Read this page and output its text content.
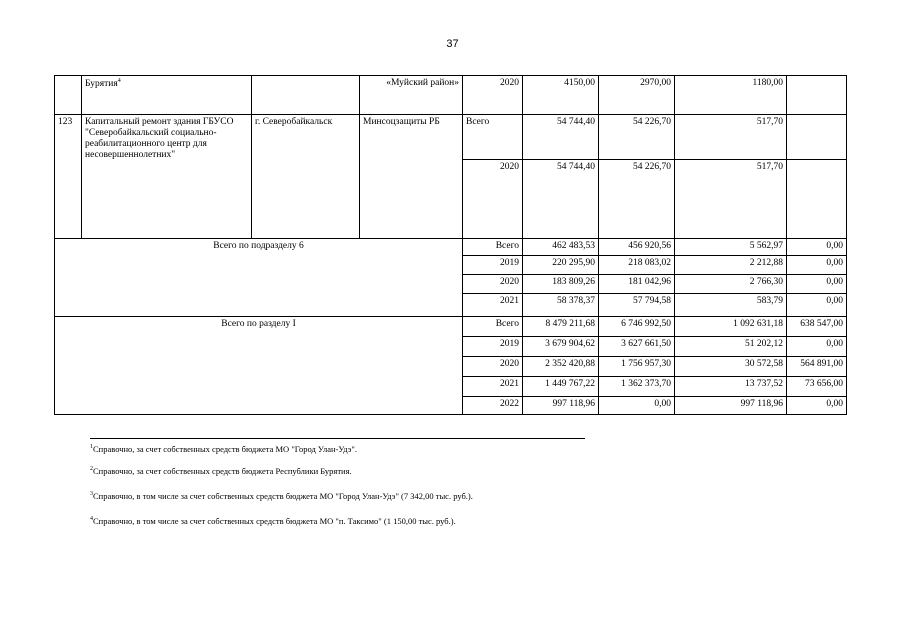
37
	Бурятия$^4$		«Муйский район»	2020	4150,00	2970,00	1180,00	
123	Капитальный ремонт здания ГБУСО "Северобайкальский социально-реабилитационного центр для несовершеннолетних"	г. Северобайкальск	Минсоцзащиты РБ	Всего	54 744,40	54 226,70	517,70	
				2020	54 744,40	54 226,70	517,70	
Всего по подразделу 6				Всего	462 483,53	456 920,56	5 562,97	0,00
				2019	220 295,90	218 083,02	2 212,88	0,00
				2020	183 809,26	181 042,96	2 766,30	0,00
				2021	58 378,37	57 794,58	583,79	0,00
Всего по разделу I				Всего	8 479 211,68	6 746 992,50	1 092 631,18	638 547,00
				2019	3 679 904,62	3 627 661,50	51 202,12	0,00
				2020	2 352 420,88	1 756 957,30	30 572,58	564 891,00
				2021	1 449 767,22	1 362 373,70	13 737,52	73 656,00
				2022	997 118,96	0,00	997 118,96	0,00
$^1$Справочно, за счет собственных средств бюджета МО "Город Улан-Удэ".
$^2$Справочно, за счет собственных средств бюджета Республики Бурятия.
$^3$Справочно, в том числе за счет собственных средств бюджета МО "Город Улан-Удэ" (7 342,00 тыс. руб.).
$^4$Справочно, в том числе за счет собственных средств бюджета МО "п. Таксимо" (1 150,00 тыс. руб.).
